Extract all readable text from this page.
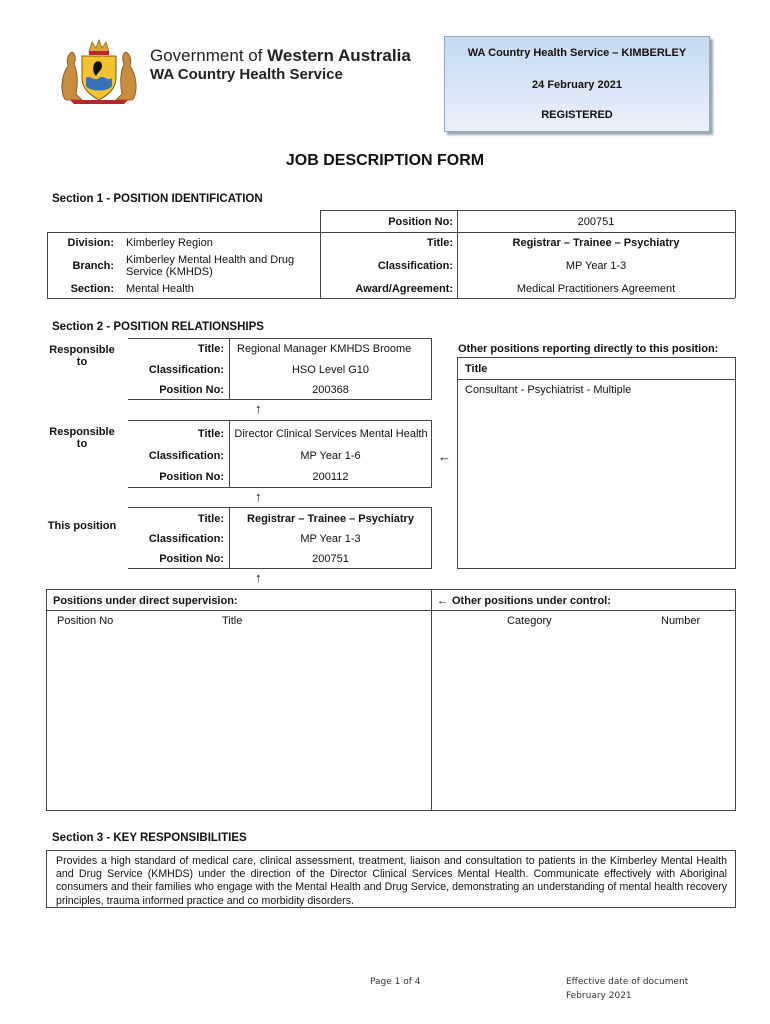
Government of Western Australia
WA Country Health Service
WA Country Health Service – KIMBERLEY
24 February 2021
REGISTERED
JOB DESCRIPTION FORM
Section 1 - POSITION IDENTIFICATION
Position No:	200751
Division: Kimberley Region	Title:	Registrar – Trainee – Psychiatry
Branch: Kimberley Mental Health and Drug Service (KMHDS)	Classification:	MP Year 1-3
Section: Mental Health	Award/Agreement:	Medical Practitioners Agreement
Section 2 - POSITION RELATIONSHIPS
Responsible to
Title: Regional Manager KMHDS Broome
Classification:	HSO Level G10
Position No:	200368
↑
Responsible to
Title: Director Clinical Services Mental Health
Classification:	MP Year 1-6
Position No:	200112
←
↑
This position
Title:	Registrar – Trainee – Psychiatry
Classification:	MP Year 1-3
Position No:	200751
↑
Other positions reporting directly to this position:
Title
Consultant - Psychiatrist - Multiple
Positions under direct supervision:	← Other positions under control:
Position No	Title	Category	Number
Section 3 - KEY RESPONSIBILITIES
Provides a high standard of medical care, clinical assessment, treatment, liaison and consultation to patients in the Kimberley Mental Health and Drug Service (KMHDS) under the direction of the Director Clinical Services Mental Health. Communicate effectively with Aboriginal consumers and their families who engage with the Mental Health and Drug Service, demonstrating an understanding of mental health recovery principles, trauma informed practice and co morbidity disorders.
Page 1 of 4	Effective date of document
February 2021
